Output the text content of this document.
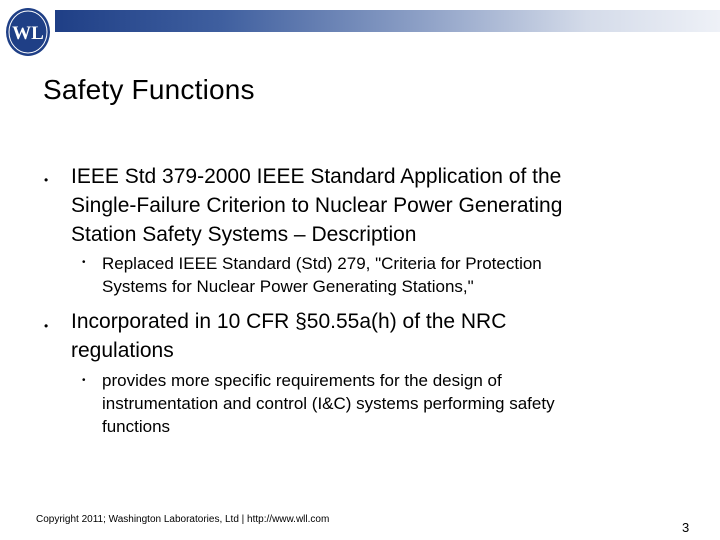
WL
Safety Functions
• IEEE Std 379-2000 IEEE Standard Application of the
Single-Failure Criterion to Nuclear Power Generating
Station Safety Systems – Description

• Replaced IEEE Standard (Std) 279, "Criteria for Protection
Systems for Nuclear Power Generating Stations,"

• Incorporated in 10 CFR §50.55a(h) of the NRC
regulations

• provides more specific requirements for the design of
instrumentation and control (I&C) systems performing safety
functions

Copyright 2011; Washington Laboratories, Ltd | http://www.wll.com
3
